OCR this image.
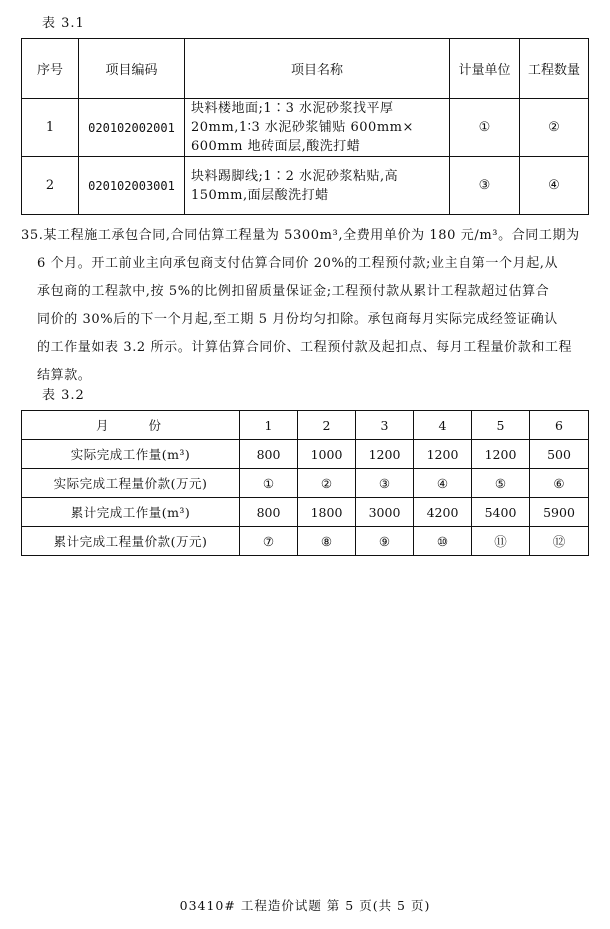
表 3.1
序号	项目编码	项目名称	计量单位	工程数量
1	020102002001	块料楼地面;1∶3 水泥砂浆找平厚
20mm,1∶3 水泥砂浆铺贴 600mm×
600mm 地砖面层,酸洗打蜡	①	②
2	020102003001	块料踢脚线;1∶2 水泥砂浆粘贴,高
150mm,面层酸洗打蜡	③	④

35.某工程施工承包合同,合同估算工程量为 5300m³,全费用单价为 180 元/m³。合同工期为

6 个月。开工前业主向承包商支付估算合同价 20%的工程预付款;业主自第一个月起,从

承包商的工程款中,按 5%的比例扣留质量保证金;工程预付款从累计工程款超过估算合

同价的 30%后的下一个月起,至工期 5 月份均匀扣除。承包商每月实际完成经签证确认

的工作量如表 3.2 所示。计算估算合同价、工程预付款及起扣点、每月工程量价款和工程

结算款。

表 3.2
月份	1	2	3	4	5	6
实际完成工作量(m³)	800	1000	1200	1200	1200	500
实际完成工程量价款(万元)	①	②	③	④	⑤	⑥
累计完成工作量(m³)	800	1800	3000	4200	5400	5900
累计完成工程量价款(万元)	⑦	⑧	⑨	⑩	⑪	⑫
03410# 工程造价试题 第 5 页(共 5 页)
